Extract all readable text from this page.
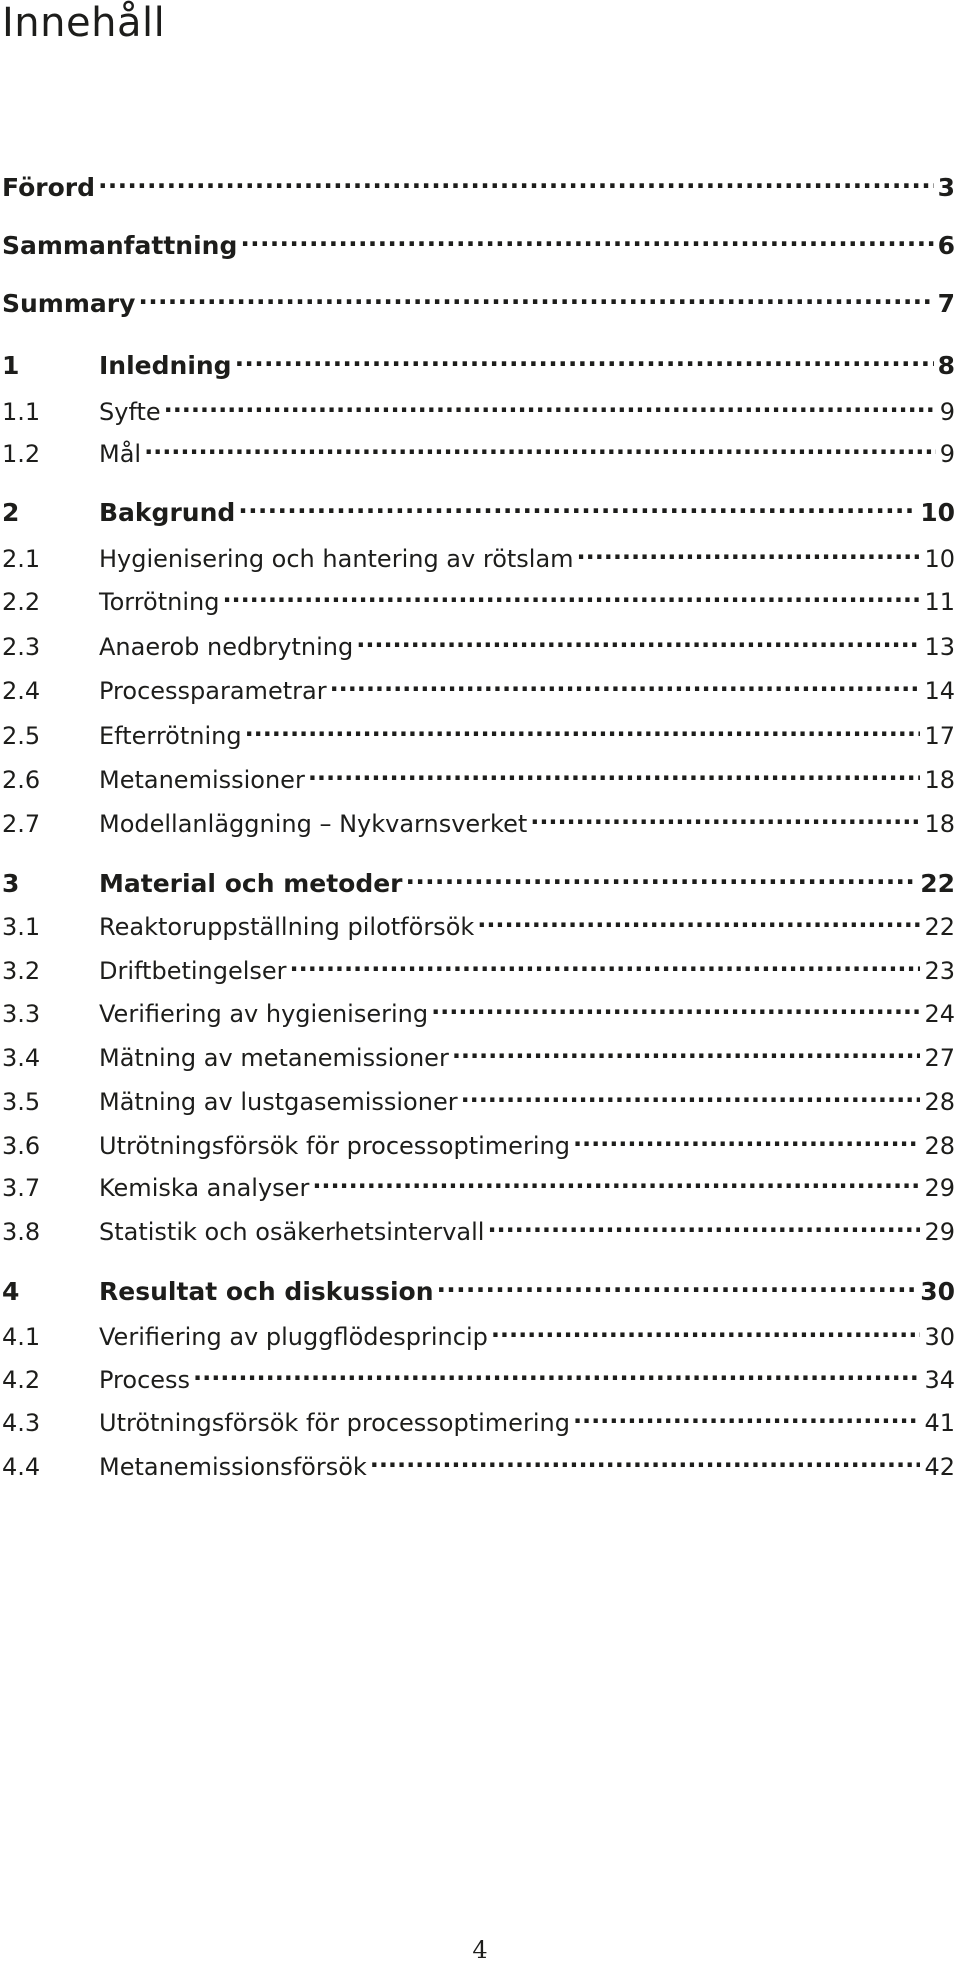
Innehåll
Förord . . .	3
Sammanfattning . . .	6
Summary . . .	7
1	Inledning . . .	8
1.1	Syfte . . .	9
1.2	Mål . . .	9
2	Bakgrund . . .	10
2.1	Hygienisering och hantering av rötslam . . .	10
2.2	Torrötning . . .	11
2.3	Anaerob nedbrytning . . .	13
2.4	Processparametrar . . .	14
2.5	Efterrötning . . .	17
2.6	Metanemissioner . . .	18
2.7	Modellanläggning – Nykvarnsverket . . .	18
3	Material och metoder . . .	22
3.1	Reaktoruppställning pilotförsök . . .	22
3.2	Driftbetingelser . . .	23
3.3	Verifiering av hygienisering . . .	24
3.4	Mätning av metanemissioner . . .	27
3.5	Mätning av lustgasemissioner . . .	28
3.6	Utrötningsförsök för processoptimering . . .	28
3.7	Kemiska analyser . . .	29
3.8	Statistik och osäkerhetsintervall . . .	29
4	Resultat och diskussion . . .	30
4.1	Verifiering av pluggflödesprincip . . .	30
4.2	Process . . .	34
4.3	Utrötningsförsök för processoptimering . . .	41
4.4	Metanemissionsförsök . . .	42
4
